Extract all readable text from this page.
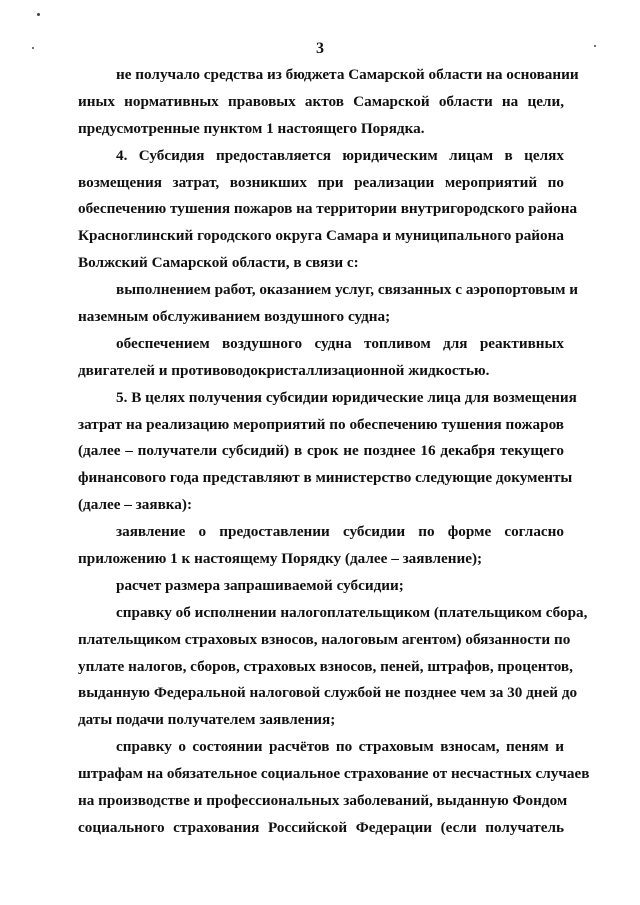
3
не получало средства из бюджета Самарской области на основании
иных нормативных правовых актов Самарской области на цели,
предусмотренные пунктом 1 настоящего Порядка.
4. Субсидия предоставляется юридическим лицам в целях
возмещения затрат, возникших при реализации мероприятий по
обеспечению тушения пожаров на территории внутригородского района
Красноглинский городского округа Самара и муниципального района
Волжский Самарской области, в связи с:
выполнением работ, оказанием услуг, связанных с аэропортовым и
наземным обслуживанием воздушного судна;
обеспечением воздушного судна топливом для реактивных
двигателей и противоводокристаллизационной жидкостью.
5. В целях получения субсидии юридические лица для возмещения
затрат на реализацию мероприятий по обеспечению тушения пожаров
(далее – получатели субсидий) в срок не позднее 16 декабря текущего
финансового года представляют в министерство следующие документы
(далее – заявка):
заявление о предоставлении субсидии по форме согласно
приложению 1 к настоящему Порядку (далее – заявление);
расчет размера запрашиваемой субсидии;
справку об исполнении налогоплательщиком (плательщиком сбора,
плательщиком страховых взносов, налоговым агентом) обязанности по
уплате налогов, сборов, страховых взносов, пеней, штрафов, процентов,
выданную Федеральной налоговой службой не позднее чем за 30 дней до
даты подачи получателем заявления;
справку о состоянии расчётов по страховым взносам, пеням и
штрафам на обязательное социальное страхование от несчастных случаев
на производстве и профессиональных заболеваний, выданную Фондом
социального страхования Российской Федерации (если получатель
